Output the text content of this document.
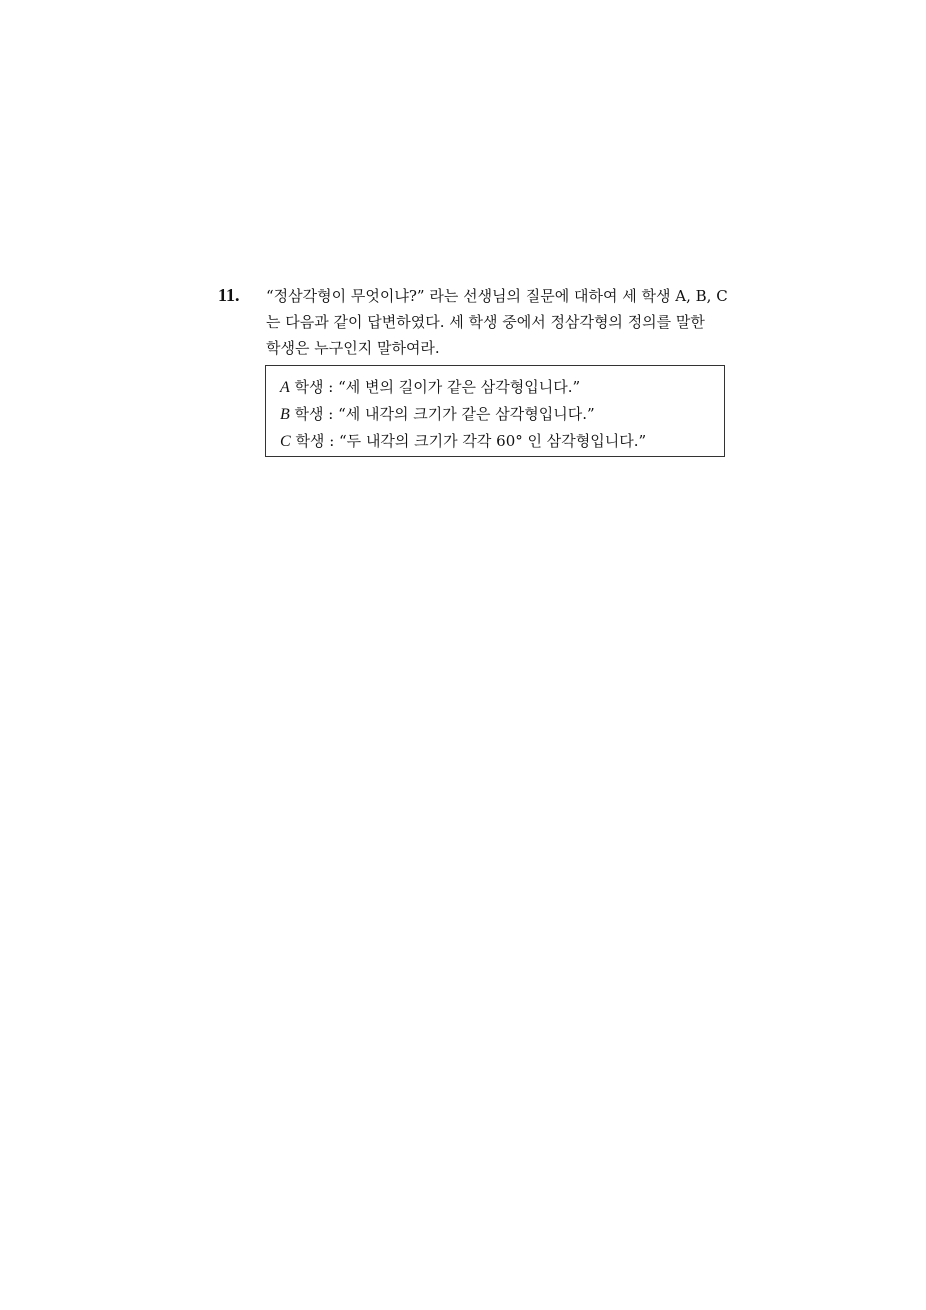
11. “정삼각형이 무엇이냐?” 라는 선생님의 질문에 대하여 세 학생 A, B, C
는 다음과 같이 답변하였다. 세 학생 중에서 정삼각형의 정의를 말한
학생은 누구인지 말하여라.
A 학생 : “세 변의 길이가 같은 삼각형입니다.”
B 학생 : “세 내각의 크기가 같은 삼각형입니다.”
C 학생 : “두 내각의 크기가 각각 60° 인 삼각형입니다.”
